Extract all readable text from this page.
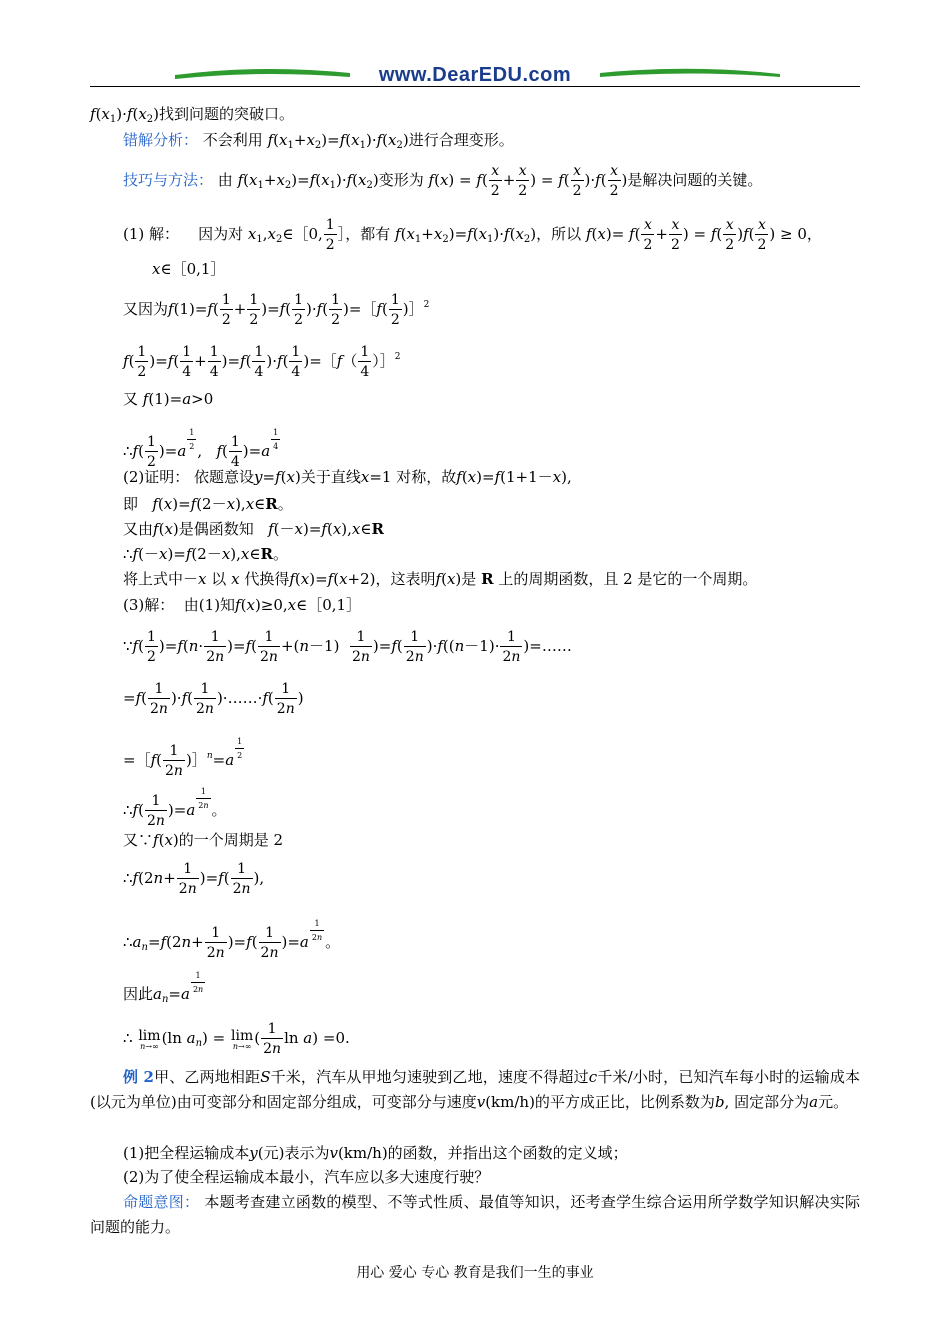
www.DearEDU.com
$f(x_1)\cdot f(x_2)$找到问题的突破口。
错解分析： 不会利用 $f(x_1+x_2)=f(x_1)\cdot f(x_2)$进行合理变形。
技巧与方法： 由 $f(x_1+x_2)=f(x_1)\cdot f(x_2)$变形为 $f(x) = f( \frac{x}{2} + \frac{x}{2}$ ) = $f( \frac{x}{2} )\cdot f( \frac{x}{2}$ )是解决问题的关键。
(1) 解： 因为对 $x_1,x_2\in[0$, $\frac{1}{2}$ ］，都有 $f(x_1+x_2)=f(x_1)\cdot f(x_2)$，所以 $f(x)= f( \frac{x}{2} + \frac{x}{2}$ ) = $f( \frac{x}{2} )f( \frac{x}{2}$ ) ≥ 0，
x∈［0,1］
又因为$f(1)=f( \frac{1}{2} + \frac{1}{2} )=f( \frac{1}{2} )\cdot f( \frac{1}{2}$ )=［f( $\frac{1}{2}$ )］$^2$
$f( \frac{1}{2} )=f( \frac{1}{4} + \frac{1}{4} )=f( \frac{1}{4} )\cdot f( \frac{1}{4}$ )=［f（ $\frac{1}{4}$ ）］$^2$
又 f(1)=a>0
∴f( $\frac{1}{2} )=a \frac{1}{2}$ ,   $f( \frac{1}{4} )=a \frac{1}{4}$
(2)证明： 依题意设y=f(x)关于直线x=1 对称，故f(x)=f(1+1－x),
即 f(x)=f(2－x),x∈R。
又由f(x)是偶函数知 f(－x)=f(x),x∈R
∴f(－x)=f(2－x),x∈R。
将上式中－x 以 x 代换得f(x)=f(x+2)，这表明f(x)是 R 上的周期函数，且 2 是它的一个周期。
(3)解： 由(1)知f(x)≥0,x∈［0,1］
∵f( $\frac{1}{2} )=f(n\cdot \frac{1}{2n} )=f( \frac{1}{2n} +(n-1) \frac{1}{2n} )=f( \frac{1}{2n} )\cdot f((n-1)\cdot \frac{1}{2n}$ )=……
$=f( \frac{1}{2n} )\cdot f( \frac{1}{2n}$ )·……·f( $\frac{1}{2n}$ )
=［f( $\frac{1}{2n}$ )］$^n$=a $\frac{1}{2}$
∴f( $\frac{1}{2n} )=a \frac{1}{2n}$ 。
又∵f(x)的一个周期是 2
∴f(2n+ $\frac{1}{2n} )=f( \frac{1}{2n}$ ),
$\therefore a_n=f(2n+ \frac{1}{2n} )=f( \frac{1}{2n} )=a \frac{1}{2n}$ 。
因此$a_n=a \frac{1}{2n}$
∴ lim
n→∞ (ln $a_n) = \lim$
n→∞ ( $\frac{1}{2n}$ ln a) =0.
例 2甲、乙两地相距S千米，汽车从甲地匀速驶到乙地，速度不得超过c千米/小时，已知汽车每小时的运输成本(以元为单位)由可变部分和固定部分组成，可变部分与速度v(km/h)的平方成正比，比例系数为b, 固定部分为a元。
(1)把全程运输成本y(元)表示为v(km/h)的函数，并指出这个函数的定义域；
(2)为了使全程运输成本最小，汽车应以多大速度行驶？
命题意图： 本题考查建立函数的模型、不等式性质、最值等知识，还考查学生综合运用所学数学知识解决实际问题的能力。
用心 爱心 专心 教育是我们一生的事业
